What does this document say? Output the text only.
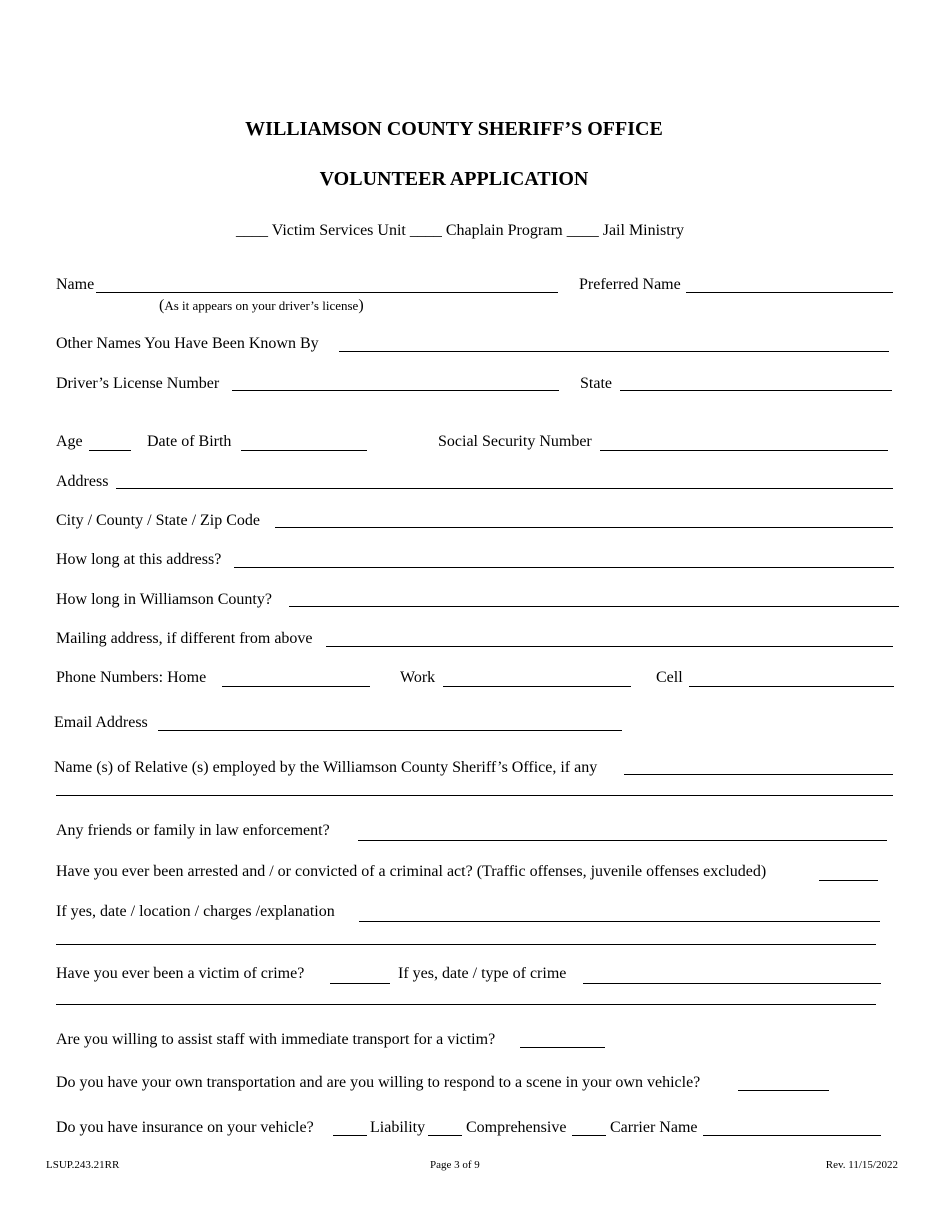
WILLIAMSON COUNTY SHERIFF’S OFFICE
VOLUNTEER APPLICATION
____ Victim Services Unit ____ Chaplain Program ____ Jail Ministry
Name	Preferred Name
(As it appears on your driver’s license)
Other Names You Have Been Known By
Driver’s License Number	State
Age	Date of Birth	Social Security Number
Address
City / County / State / Zip Code
How long at this address?
How long in Williamson County?
Mailing address, if different from above
Phone Numbers: Home	Work	Cell
Email Address
Name (s) of Relative (s) employed by the Williamson County Sheriff’s Office, if any
Any friends or family in law enforcement?
Have you ever been arrested and / or convicted of a criminal act? (Traffic offenses, juvenile offenses excluded)
If yes, date / location / charges /explanation
Have you ever been a victim of crime?	If yes, date / type of crime
Are you willing to assist staff with immediate transport for a victim?
Do you have your own transportation and are you willing to respond to a scene in your own vehicle?
Do you have insurance on your vehicle?	Liability	Comprehensive	Carrier Name
LSUP.243.21RR	Page 3 of 9	Rev. 11/15/2022
